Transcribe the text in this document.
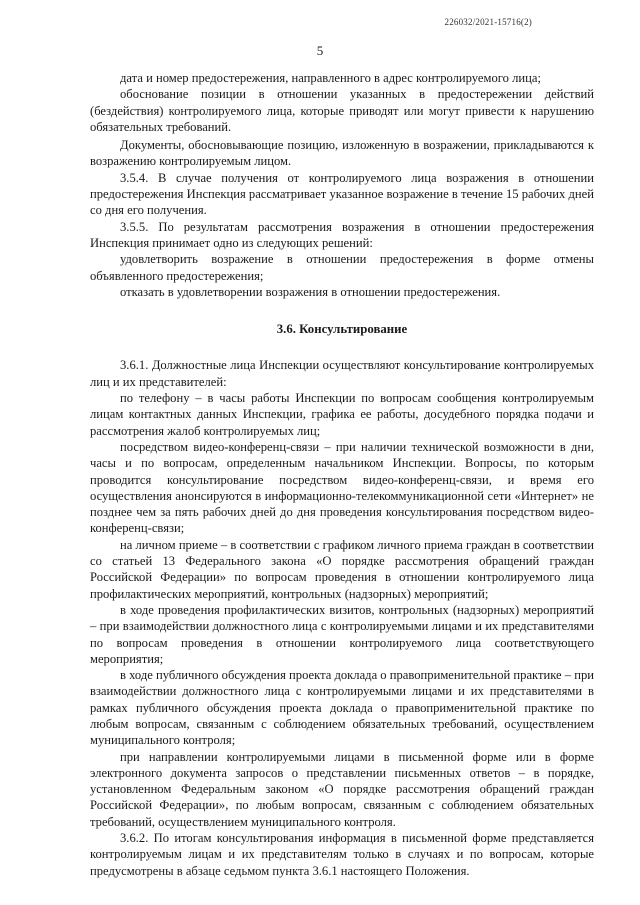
226032/2021-15716(2)
5

дата и номер предостережения, направленного в адрес контролируемого лица;

обоснование позиции в отношении указанных в предостережении действий (бездействия) контролируемого лица, которые приводят или могут привести к нарушению обязательных требований.

Документы, обосновывающие позицию, изложенную в возражении, прикладываются к возражению контролируемым лицом.

3.5.4. В случае получения от контролируемого лица возражения в отношении предостережения Инспекция рассматривает указанное возражение в течение 15 рабочих дней со дня его получения.

3.5.5. По результатам рассмотрения возражения в отношении предостережения Инспекция принимает одно из следующих решений:

удовлетворить возражение в отношении предостережения в форме отмены объявленного предостережения;

отказать в удовлетворении возражения в отношении предостережения.

3.6. Консультирование

3.6.1. Должностные лица Инспекции осуществляют консультирование контролируемых лиц и их представителей:

по телефону – в часы работы Инспекции по вопросам сообщения контролируемым лицам контактных данных Инспекции, графика ее работы, досудебного порядка подачи и рассмотрения жалоб контролируемых лиц;

посредством видео-конференц-связи – при наличии технической возможности в дни, часы и по вопросам, определенным начальником Инспекции. Вопросы, по которым проводится консультирование посредством видео-конференц-связи, и время его осуществления анонсируются в информационно-телекоммуникационной сети «Интернет» не позднее чем за пять рабочих дней до дня проведения консультирования посредством видео-конференц-связи;

на личном приеме – в соответствии с графиком личного приема граждан в соответствии со статьей 13 Федерального закона «О порядке рассмотрения обращений граждан Российской Федерации» по вопросам проведения в отношении контролируемого лица профилактических мероприятий, контрольных (надзорных) мероприятий;

в ходе проведения профилактических визитов, контрольных (надзорных) мероприятий – при взаимодействии должностного лица с контролируемыми лицами и их представителями по вопросам проведения в отношении контролируемого лица соответствующего мероприятия;

в ходе публичного обсуждения проекта доклада о правоприменительной практике – при взаимодействии должностного лица с контролируемыми лицами и их представителями в рамках публичного обсуждения проекта доклада о правоприменительной практике по любым вопросам, связанным с соблюдением обязательных требований, осуществлением муниципального контроля;

при направлении контролируемыми лицами в письменной форме или в форме электронного документа запросов о представлении письменных ответов – в порядке, установленном Федеральным законом «О порядке рассмотрения обращений граждан Российской Федерации», по любым вопросам, связанным с соблюдением обязательных требований, осуществлением муниципального контроля.

3.6.2. По итогам консультирования информация в письменной форме представляется контролируемым лицам и их представителям только в случаях и по вопросам, которые предусмотрены в абзаце седьмом пункта 3.6.1 настоящего Положения.
